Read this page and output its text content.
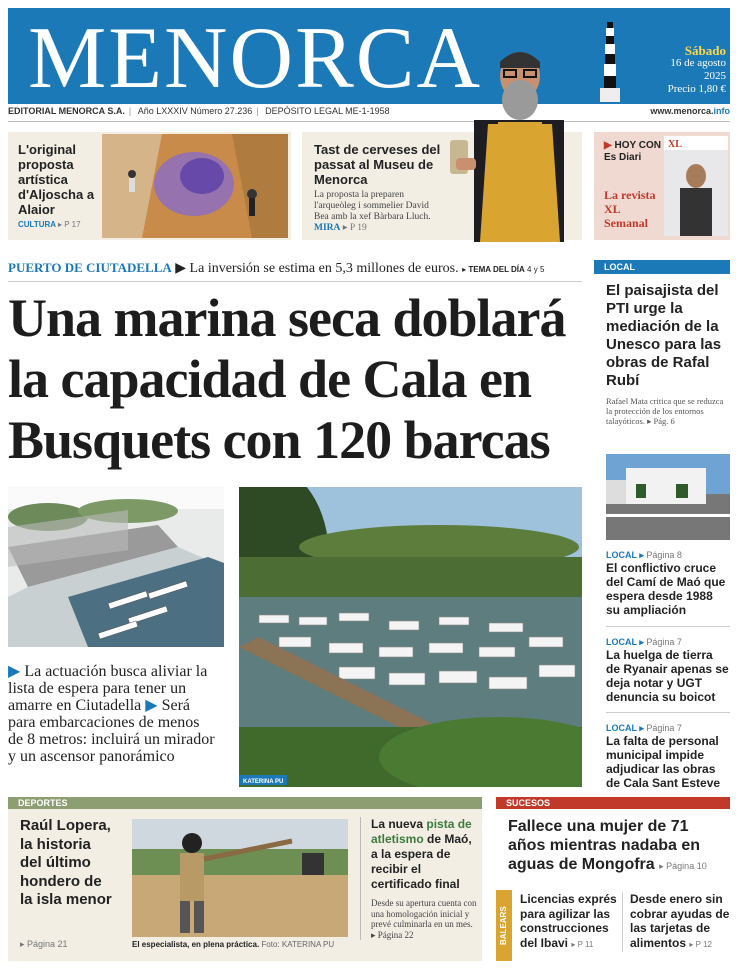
MENORCA	Sábado
16 de agosto
2025
Precio 1,80 €
EDITORIAL MENORCA S.A. | Año LXXXIV Número 27.236 | DEPÓSITO LEGAL ME-1-1958	www.menorca.info
L'original proposta artística d'Aljoscha a Alaior
CULTURA ▸ P 17
Tast de cerveses del passat al Museu de Menorca
La proposta la preparen l'arqueòleg i sommelier David Bea amb la xef Bàrbara Lluch. MIRA ▸ P 19
▶ HOY CON
Es Diari
La revista XL Semanal
XL
PUERTO DE CIUTADELLA ▶ La inversión se estima en 5,3 millones de euros. ▸ TEMA DEL DÍA 4 y 5
Una marina seca doblará la capacidad de Cala en Busquets con 120 barcas
KATERINA PU
▶ La actuación busca aliviar la lista de espera para tener un amarre en Ciutadella ▶ Será para embarcaciones de menos de 8 metros: incluirá un mirador y un ascensor panorámico
LOCAL
El paisajista del PTI urge la mediación de la Unesco para las obras de Rafal Rubí
Rafael Mata critica que se reduzca la protección de los entornos talayóticos. ▸ Pág. 6
LOCAL ▸ Página 8
El conflictivo cruce del Camí de Maó que espera desde 1988 su ampliación
LOCAL ▸ Página 7
La huelga de tierra de Ryanair apenas se deja notar y UGT denuncia su boicot
LOCAL ▸ Página 7
La falta de personal municipal impide adjudicar las obras de Cala Sant Esteve
DEPORTES
Raúl Lopera, la historia del último hondero de la isla menor
▸ Página 21	El especialista, en plena práctica. Foto: KATERINA PU
La nueva pista de atletismo de Maó, a la espera de recibir el certificado final
Desde su apertura cuenta con una homologación inicial y prevé culminarla en un mes. ▸ Página 22
SUCESOS
Fallece una mujer de 71 años mientras nadaba en aguas de Mongofra ▸ Página 10
BALEARS
Licencias exprés para agilizar las construcciones del Ibavi ▸ P 11
Desde enero sin cobrar ayudas de las tarjetas de alimentos ▸ P 12
